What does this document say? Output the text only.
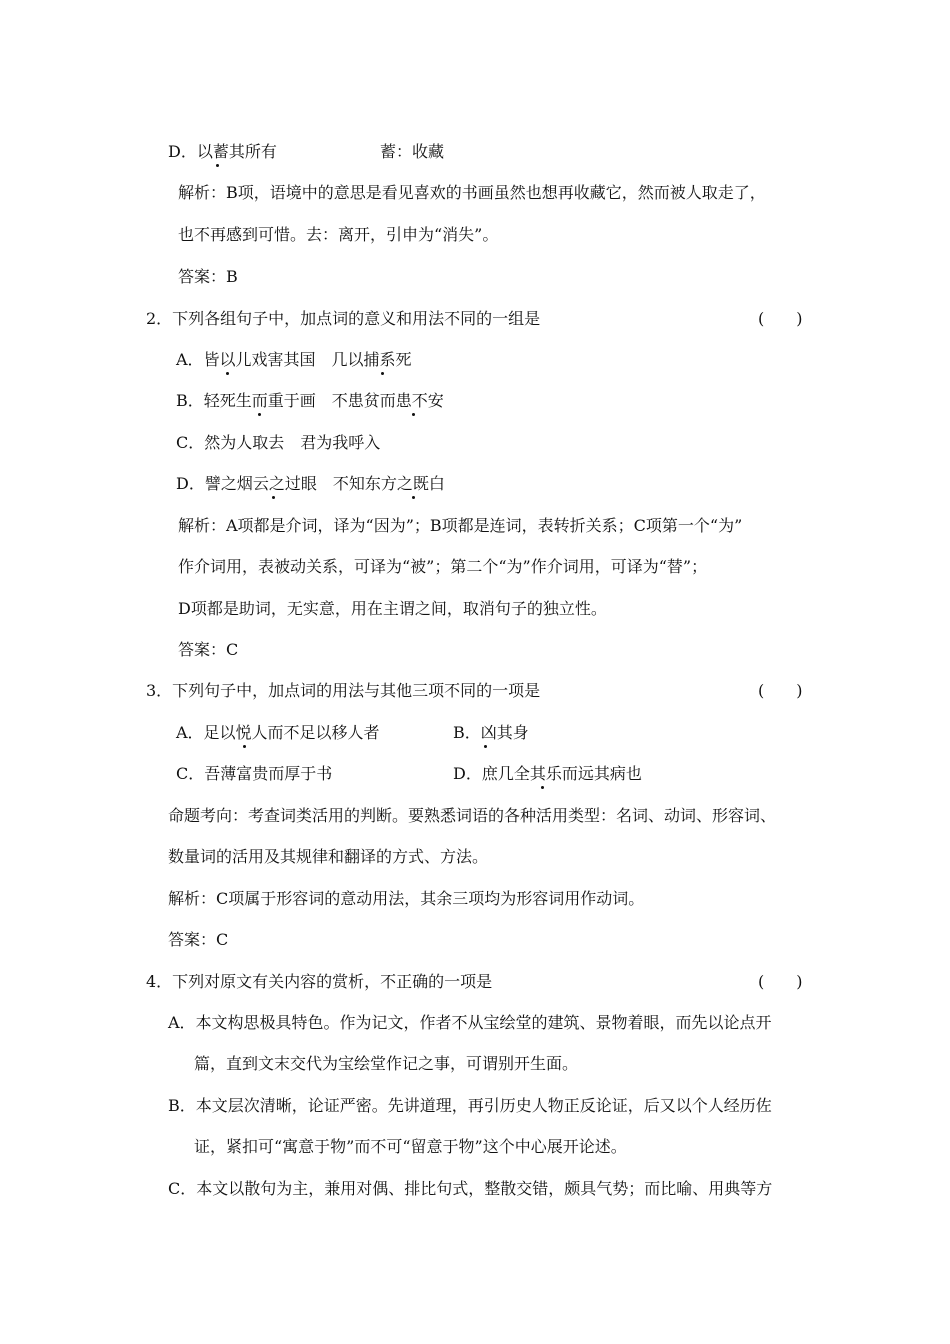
D．以蓄其所有	蓄：收藏
解析：B项，语境中的意思是看见喜欢的书画虽然也想再收藏它，然而被人取走了，
也不再感到可惜。去：离开，引申为“消失”。
答案：B
2．下列各组句子中，加点词的意义和用法不同的一组是	(　　)
A．皆以儿戏害其国　几以捕系死
B．轻死生而重于画　不患贫而患不安
C．然为人取去　君为我呼入
D．譬之烟云之过眼　不知东方之既白
解析：A项都是介词，译为“因为”；B项都是连词，表转折关系；C项第一个“为”
作介词用，表被动关系，可译为“被”；第二个“为”作介词用，可译为“替”；
D项都是助词，无实意，用在主谓之间，取消句子的独立性。
答案：C
3．下列句子中，加点词的用法与其他三项不同的一项是	(　　)
A．足以悦人而不足以移人者	B．凶其身
C．吾薄富贵而厚于书	D．庶几全其乐而远其病也
命题考向：考查词类活用的判断。要熟悉词语的各种活用类型：名词、动词、形容词、
数量词的活用及其规律和翻译的方式、方法。
解析：C项属于形容词的意动用法，其余三项均为形容词用作动词。
答案：C
4．下列对原文有关内容的赏析，不正确的一项是	(　　)
A．本文构思极具特色。作为记文，作者不从宝绘堂的建筑、景物着眼，而先以论点开
篇，直到文末交代为宝绘堂作记之事，可谓别开生面。
B．本文层次清晰，论证严密。先讲道理，再引历史人物正反论证，后又以个人经历佐
证，紧扣可“寓意于物”而不可“留意于物”这个中心展开论述。
C．本文以散句为主，兼用对偶、排比句式，整散交错，颇具气势；而比喻、用典等方
